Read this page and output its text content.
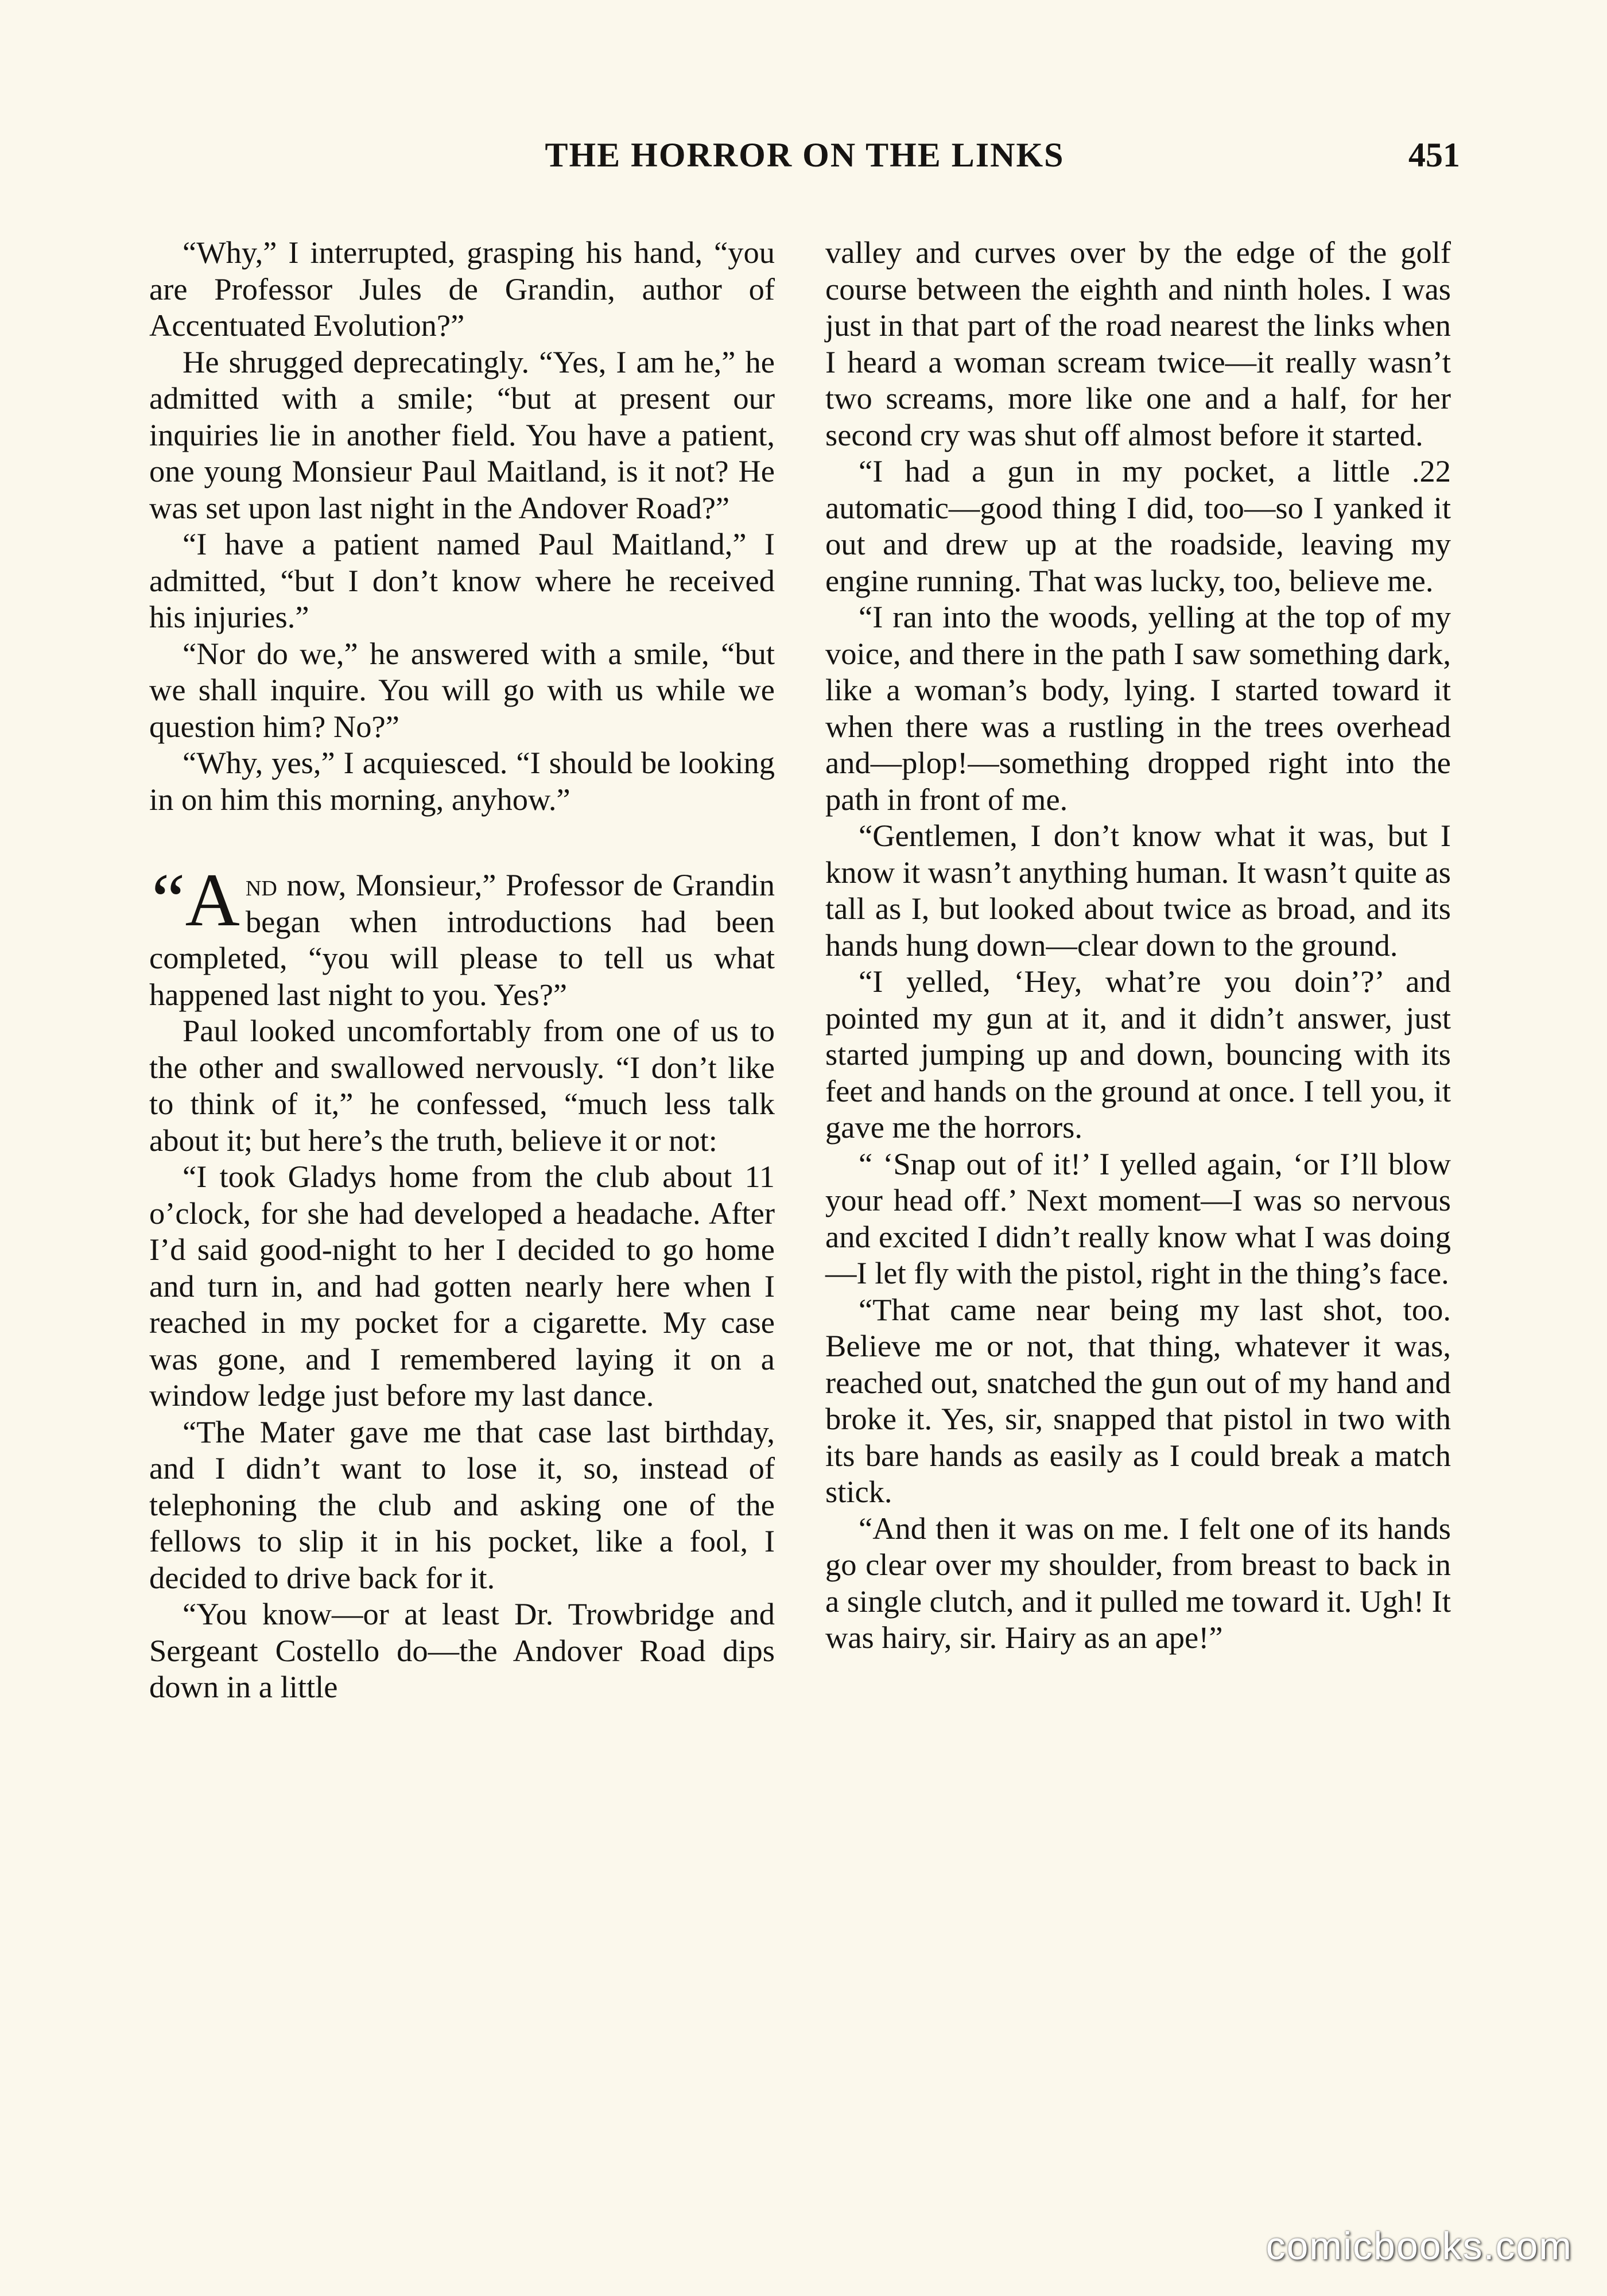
THE HORROR ON THE LINKS	451

“Why,” I interrupted, grasping his hand, “you are Professor Jules de Grandin, author of Accentuated Evolution?”

He shrugged deprecatingly. “Yes, I am he,” he admitted with a smile; “but at present our inquiries lie in another field. You have a patient, one young Monsieur Paul Maitland, is it not? He was set upon last night in the Andover Road?”

“I have a patient named Paul Maitland,” I admitted, “but I don’t know where he received his injuries.”

“Nor do we,” he answered with a smile, “but we shall inquire. You will go with us while we question him? No?”

“Why, yes,” I acquiesced. “I should be looking in on him this morning, anyhow.”

“A nd now, Monsieur,” Professor de Grandin began when introductions had been completed, “you will please to tell us what happened last night to you. Yes?”

Paul looked uncomfortably from one of us to the other and swallowed nervously. “I don’t like to think of it,” he confessed, “much less talk about it; but here’s the truth, believe it or not:

“I took Gladys home from the club about 11 o’clock, for she had developed a headache. After I’d said good-night to her I decided to go home and turn in, and had gotten nearly here when I reached in my pocket for a cigarette. My case was gone, and I remembered laying it on a window ledge just before my last dance.

“The Mater gave me that case last birthday, and I didn’t want to lose it, so, instead of telephoning the club and asking one of the fellows to slip it in his pocket, like a fool, I decided to drive back for it.

“You know—or at least Dr. Trowbridge and Sergeant Costello do—the Andover Road dips down in a little

valley and curves over by the edge of the golf course between the eighth and ninth holes. I was just in that part of the road nearest the links when I heard a woman scream twice—it really wasn’t two screams, more like one and a half, for her second cry was shut off almost before it started.

“I had a gun in my pocket, a little .22 automatic—good thing I did, too—so I yanked it out and drew up at the roadside, leaving my engine running. That was lucky, too, believe me.

“I ran into the woods, yelling at the top of my voice, and there in the path I saw something dark, like a woman’s body, lying. I started toward it when there was a rustling in the trees overhead and—plop!—something dropped right into the path in front of me.

“Gentlemen, I don’t know what it was, but I know it wasn’t anything human. It wasn’t quite as tall as I, but looked about twice as broad, and its hands hung down—clear down to the ground.

“I yelled, ‘Hey, what’re you doin’?’ and pointed my gun at it, and it didn’t answer, just started jumping up and down, bouncing with its feet and hands on the ground at once. I tell you, it gave me the horrors.

“ ‘Snap out of it!’ I yelled again, ‘or I’ll blow your head off.’ Next moment—I was so nervous and excited I didn’t really know what I was doing—I let fly with the pistol, right in the thing’s face.

“That came near being my last shot, too. Believe me or not, that thing, whatever it was, reached out, snatched the gun out of my hand and broke it. Yes, sir, snapped that pistol in two with its bare hands as easily as I could break a match stick.

“And then it was on me. I felt one of its hands go clear over my shoulder, from breast to back in a single clutch, and it pulled me toward it. Ugh! It was hairy, sir. Hairy as an ape!”

comicbooks.com
